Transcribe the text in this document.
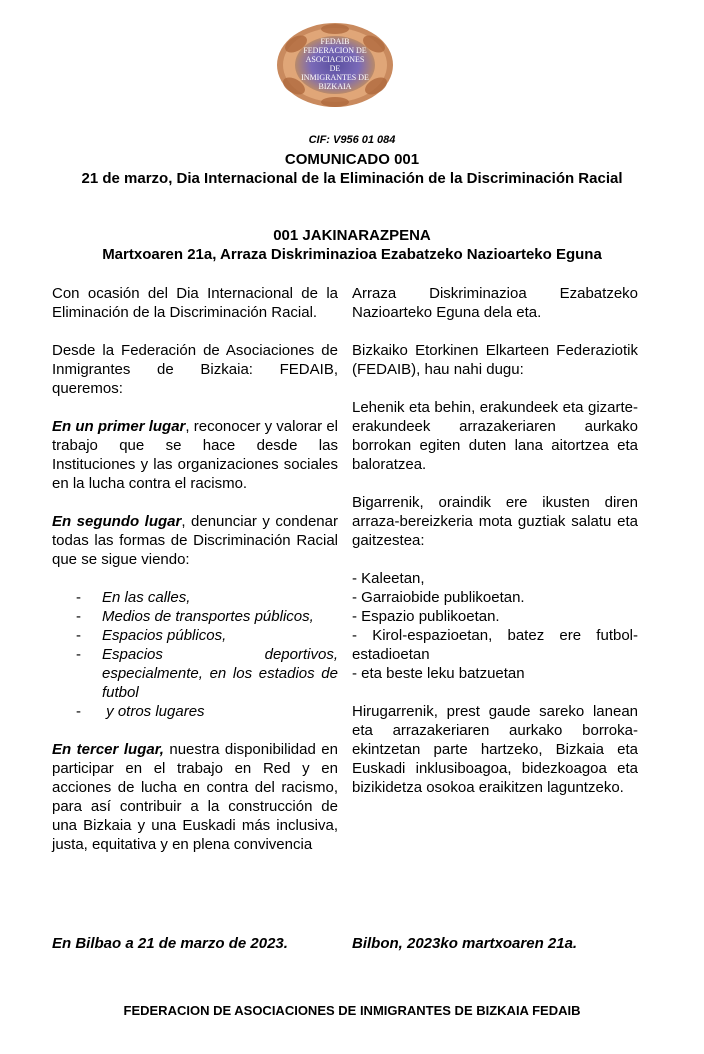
FEDAIB
FEDERACION DE
ASOCIACIONES
DE
INMIGRANTES DE
BIZKAIA
CIF: V956 01 084
COMUNICADO 001
21 de marzo, Dia Internacional de la Eliminación de la Discriminación Racial
001 JAKINARAZPENA
Martxoaren 21a, Arraza Diskriminazioa Ezabatzeko Nazioarteko Eguna

Con ocasión del Dia Internacional de la Eliminación de la Discriminación Racial.

Desde la Federación de Asociaciones de Inmigrantes de Bizkaia: FEDAIB, queremos:

En un primer lugar, reconocer y valorar el trabajo que se hace desde las Instituciones y las organizaciones sociales en la lucha contra el racismo.

En segundo lugar, denunciar y condenar todas las formas de Discriminación Racial que se sigue viendo:

- En las calles,
- Medios de transportes públicos,
- Espacios públicos,
- Espacios deportivos, especialmente, en los estadios de futbol
- y otros lugares

En tercer lugar, nuestra disponibilidad en participar en el trabajo en Red y en acciones de lucha en contra del racismo, para así contribuir a la construcción de una Bizkaia y una Euskadi más inclusiva, justa, equitativa y en plena convivencia

Arraza Diskriminazioa Ezabatzeko Nazioarteko Eguna dela eta.

Bizkaiko Etorkinen Elkarteen Federaziotik (FEDAIB), hau nahi dugu:

Lehenik eta behin, erakundeek eta gizarte-erakundeek arrazakeriaren aurkako borrokan egiten duten lana aitortzea eta baloratzea.

Bigarrenik, oraindik ere ikusten diren arraza-bereizkeria mota guztiak salatu eta gaitzestea:

- Kaleetan,
- Garraiobide publikoetan.
- Espazio publikoetan.
- Kirol-espazioetan, batez ere futbol-estadioetan
- eta beste leku batzuetan

Hirugarrenik, prest gaude sareko lanean eta arrazakeriaren aurkako borroka-ekintzetan parte hartzeko, Bizkaia eta Euskadi inklusiboagoa, bidezkoagoa eta bizikidetza osokoa eraikitzen laguntzeko.

En Bilbao a 21 de marzo de 2023.	Bilbon, 2023ko martxoaren 21a.
FEDERACION DE ASOCIACIONES DE INMIGRANTES DE BIZKAIA FEDAIB
